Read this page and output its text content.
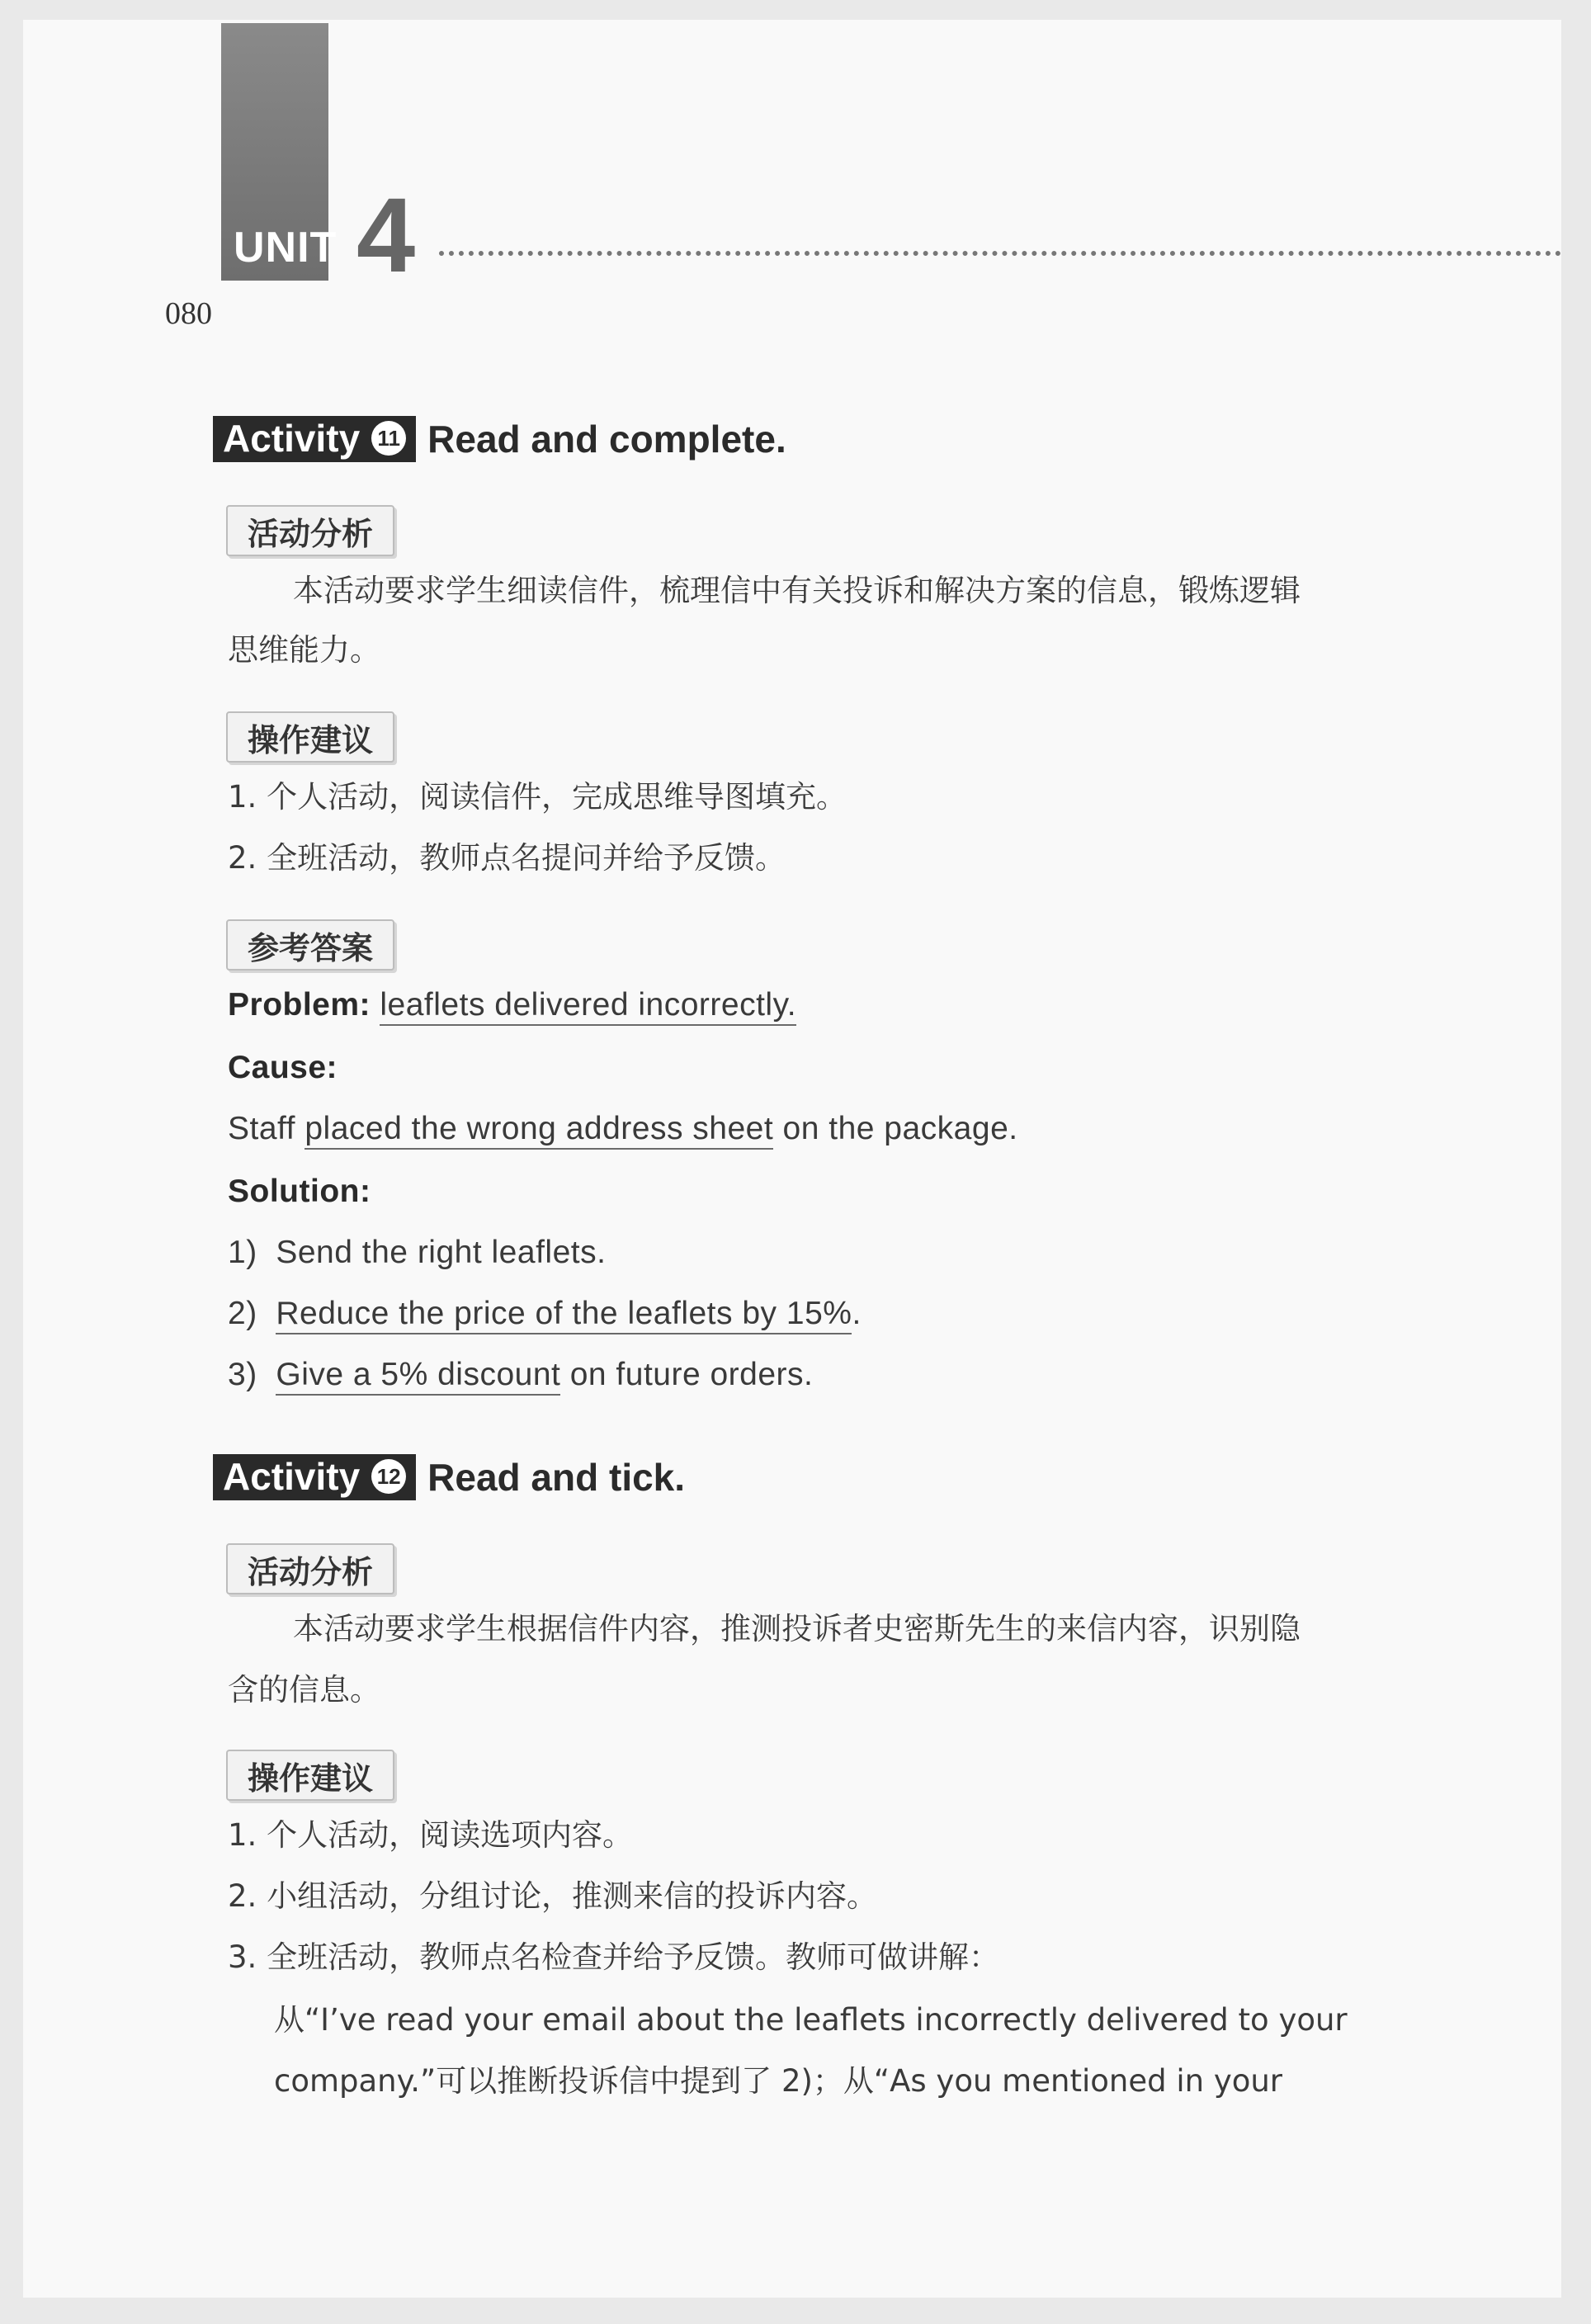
UNIT 4
080
Activity 11 Read and complete.
活动分析
本活动要求学生细读信件，梳理信中有关投诉和解决方案的信息，锻炼逻辑
思维能力。
操作建议
1. 个人活动，阅读信件，完成思维导图填充。
2. 全班活动，教师点名提问并给予反馈。
参考答案
Problem: leaflets delivered incorrectly.
Cause:
Staff placed the wrong address sheet on the package.
Solution:
1)  Send the right leaflets.
2)  Reduce the price of the leaflets by 15%.
3)  Give a 5% discount on future orders.
Activity 12 Read and tick.
活动分析
本活动要求学生根据信件内容，推测投诉者史密斯先生的来信内容，识别隐
含的信息。
操作建议
1. 个人活动，阅读选项内容。
2. 小组活动，分组讨论，推测来信的投诉内容。
3. 全班活动，教师点名检查并给予反馈。教师可做讲解：
从“I’ve read your email about the leaflets incorrectly delivered to your
company.”可以推断投诉信中提到了 2)；从“As you mentioned in your
